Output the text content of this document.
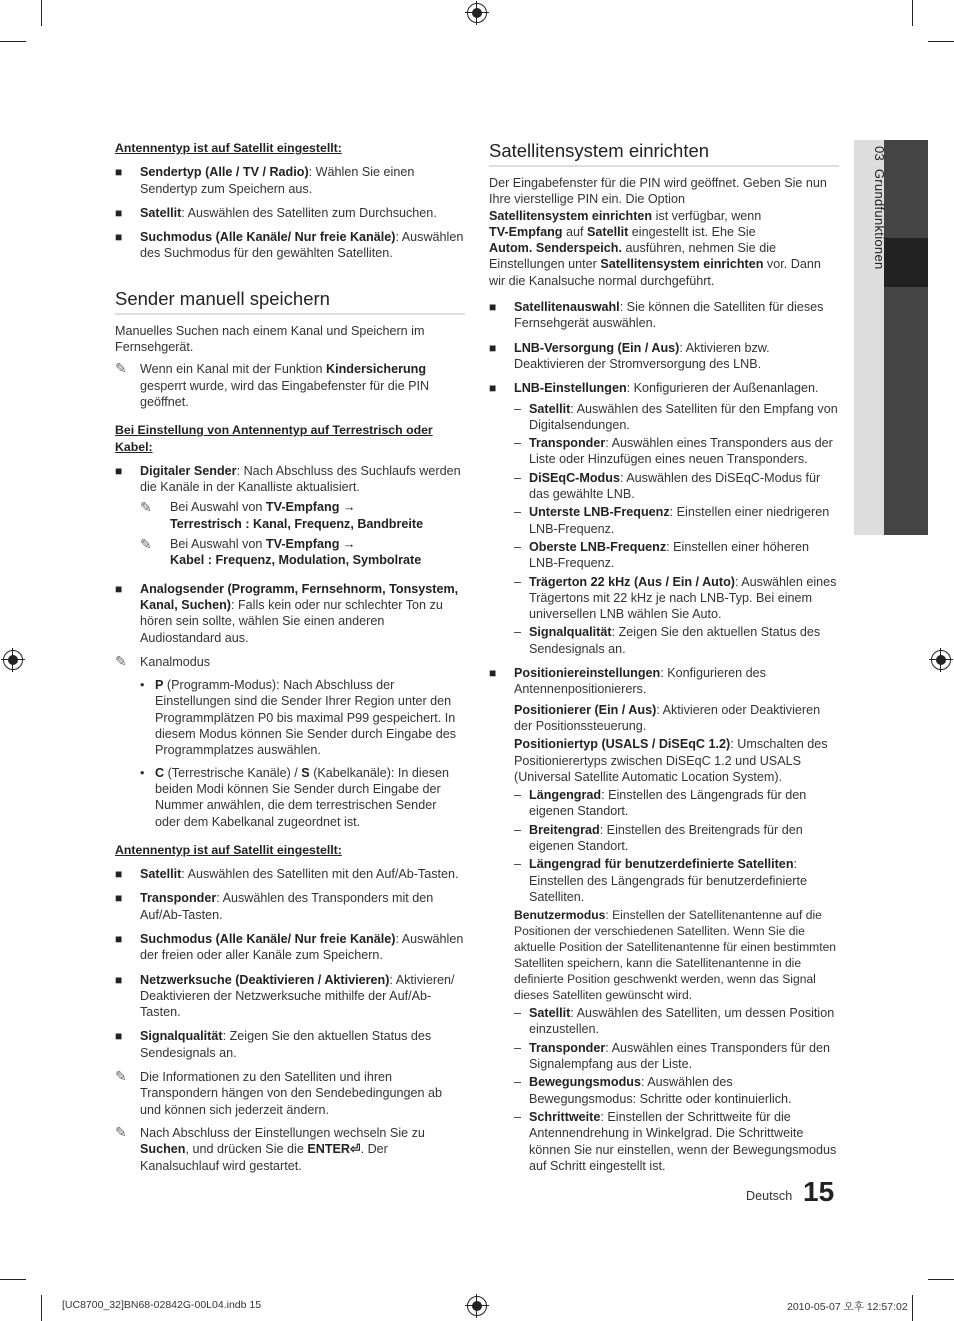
03  Grundfunktionen
Antennentyp ist auf Satellit eingestellt:
■	Sendertyp (Alle / TV / Radio): Wählen Sie einen Sendertyp zum Speichern aus.
■	Satellit: Auswählen des Satelliten zum Durchsuchen.
■	Suchmodus (Alle Kanäle/ Nur freie Kanäle): Auswählen des Suchmodus für den gewählten Satelliten.
Sender manuell speichern
Manuelles Suchen nach einem Kanal und Speichern im Fernsehgerät.
✎	Wenn ein Kanal mit der Funktion Kindersicherung gesperrt wurde, wird das Eingabefenster für die PIN geöffnet.
Bei Einstellung von Antennentyp auf Terrestrisch oder Kabel:
■	Digitaler Sender: Nach Abschluss des Suchlaufs werden die Kanäle in der Kanalliste aktualisiert.
✎	Bei Auswahl von TV-Empfang →
Terrestrisch : Kanal, Frequenz, Bandbreite
✎	Bei Auswahl von TV-Empfang →
Kabel : Frequenz, Modulation, Symbolrate
■	Analogsender (Programm, Fernsehnorm, Tonsystem, Kanal, Suchen): Falls kein oder nur schlechter Ton zu hören sein sollte, wählen Sie einen anderen Audiostandard aus.
✎	Kanalmodus
• P (Programm-Modus): Nach Abschluss der Einstellungen sind die Sender Ihrer Region unter den Programmplätzen P0 bis maximal P99 gespeichert. In diesem Modus können Sie Sender durch Eingabe des Programmplatzes auswählen.
• C (Terrestrische Kanäle) / S (Kabelkanäle): In diesen beiden Modi können Sie Sender durch Eingabe der Nummer anwählen, die dem terrestrischen Sender oder dem Kabelkanal zugeordnet ist.
Antennentyp ist auf Satellit eingestellt:
■	Satellit: Auswählen des Satelliten mit den Auf/Ab-Tasten.
■	Transponder: Auswählen des Transponders mit den Auf/Ab-Tasten.
■	Suchmodus (Alle Kanäle/ Nur freie Kanäle): Auswählen der freien oder aller Kanäle zum Speichern.
■	Netzwerksuche (Deaktivieren / Aktivieren): Aktivieren/ Deaktivieren der Netzwerksuche mithilfe der Auf/Ab-Tasten.
■	Signalqualität: Zeigen Sie den aktuellen Status des Sendesignals an.
✎	Die Informationen zu den Satelliten und ihren Transpondern hängen von den Sendebedingungen ab und können sich jederzeit ändern.
✎	Nach Abschluss der Einstellungen wechseln Sie zu Suchen, und drücken Sie die ENTER⏎. Der Kanalsuchlauf wird gestartet.
Satellitensystem einrichten
Der Eingabefenster für die PIN wird geöffnet. Geben Sie nun Ihre vierstellige PIN ein. Die Option
Satellitensystem einrichten ist verfügbar, wenn
TV-Empfang auf Satellit eingestellt ist. Ehe Sie
Autom. Senderspeich. ausführen, nehmen Sie die Einstellungen unter Satellitensystem einrichten vor. Dann wir die Kanalsuche normal durchgeführt.
■	Satellitenauswahl: Sie können die Satelliten für dieses Fernsehgerät auswählen.
■	LNB-Versorgung (Ein / Aus): Aktivieren bzw. Deaktivieren der Stromversorgung des LNB.
■	LNB-Einstellungen: Konfigurieren der Außenanlagen.
– Satellit: Auswählen des Satelliten für den Empfang von Digitalsendungen.
– Transponder: Auswählen eines Transponders aus der Liste oder Hinzufügen eines neuen Transponders.
– DiSEqC-Modus: Auswählen des DiSEqC-Modus für das gewählte LNB.
– Unterste LNB-Frequenz: Einstellen einer niedrigeren LNB-Frequenz.
– Oberste LNB-Frequenz: Einstellen einer höheren LNB-Frequenz.
– Trägerton 22 kHz (Aus / Ein / Auto): Auswählen eines Trägertons mit 22 kHz je nach LNB-Typ. Bei einem universellen LNB wählen Sie Auto.
– Signalqualität: Zeigen Sie den aktuellen Status des Sendesignals an.
■	Positioniereinstellungen: Konfigurieren des Antennenpositionierers.
Positionierer (Ein / Aus): Aktivieren oder Deaktivieren der Positionssteuerung.
Positioniertyp (USALS / DiSEqC 1.2): Umschalten des Positionierertyps zwischen DiSEqC 1.2 und USALS (Universal Satellite Automatic Location System).
– Längengrad: Einstellen des Längengrads für den eigenen Standort.
– Breitengrad: Einstellen des Breitengrads für den eigenen Standort.
– Längengrad für benutzerdefinierte Satelliten: Einstellen des Längengrads für benutzerdefinierte Satelliten.
Benutzermodus: Einstellen der Satellitenantenne auf die Positionen der verschiedenen Satelliten. Wenn Sie die aktuelle Position der Satellitenantenne für einen bestimmten Satelliten speichern, kann die Satellitenantenne in die definierte Position geschwenkt werden, wenn das Signal dieses Satelliten gewünscht wird.
– Satellit: Auswählen des Satelliten, um dessen Position einzustellen.
– Transponder: Auswählen eines Transponders für den Signalempfang aus der Liste.
– Bewegungsmodus: Auswählen des Bewegungsmodus: Schritte oder kontinuierlich.
– Schrittweite: Einstellen der Schrittweite für die Antennendrehung in Winkelgrad. Die Schrittweite können Sie nur einstellen, wenn der Bewegungsmodus auf Schritt eingestellt ist.
Deutsch 15
[UC8700_32]BN68-02842G-00L04.indb 15	2010-05-07 오후 12:57:02
